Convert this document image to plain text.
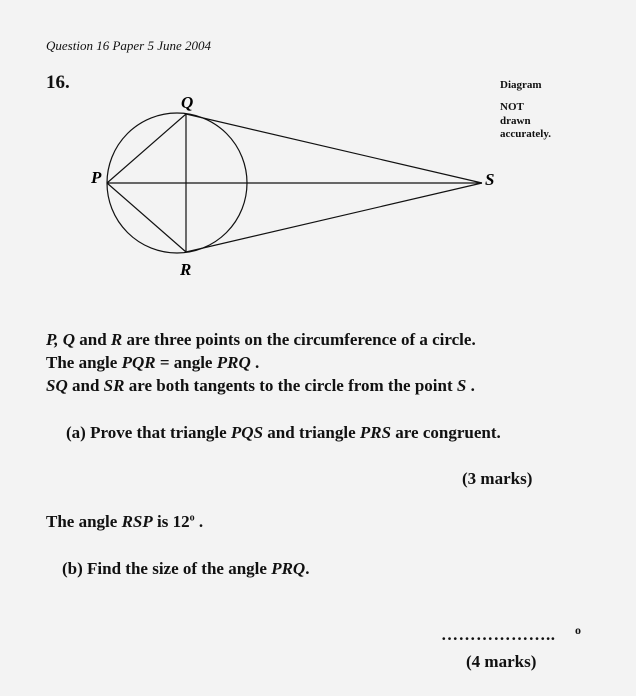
Question 16 Paper 5 June 2004
16.	Diagram
NOT
drawn
accurately.
Q
P	S
R
P, Q and R are three points on the circumference of a circle.
The angle PQR = angle PRQ .
SQ and SR are both tangents to the circle from the point S .
(a) Prove that triangle PQS and triangle PRS are congruent.
(3 marks)
The angle RSP is 12$^o$ .
(b) Find the size of the angle PRQ.
……………….. o
(4 marks)
